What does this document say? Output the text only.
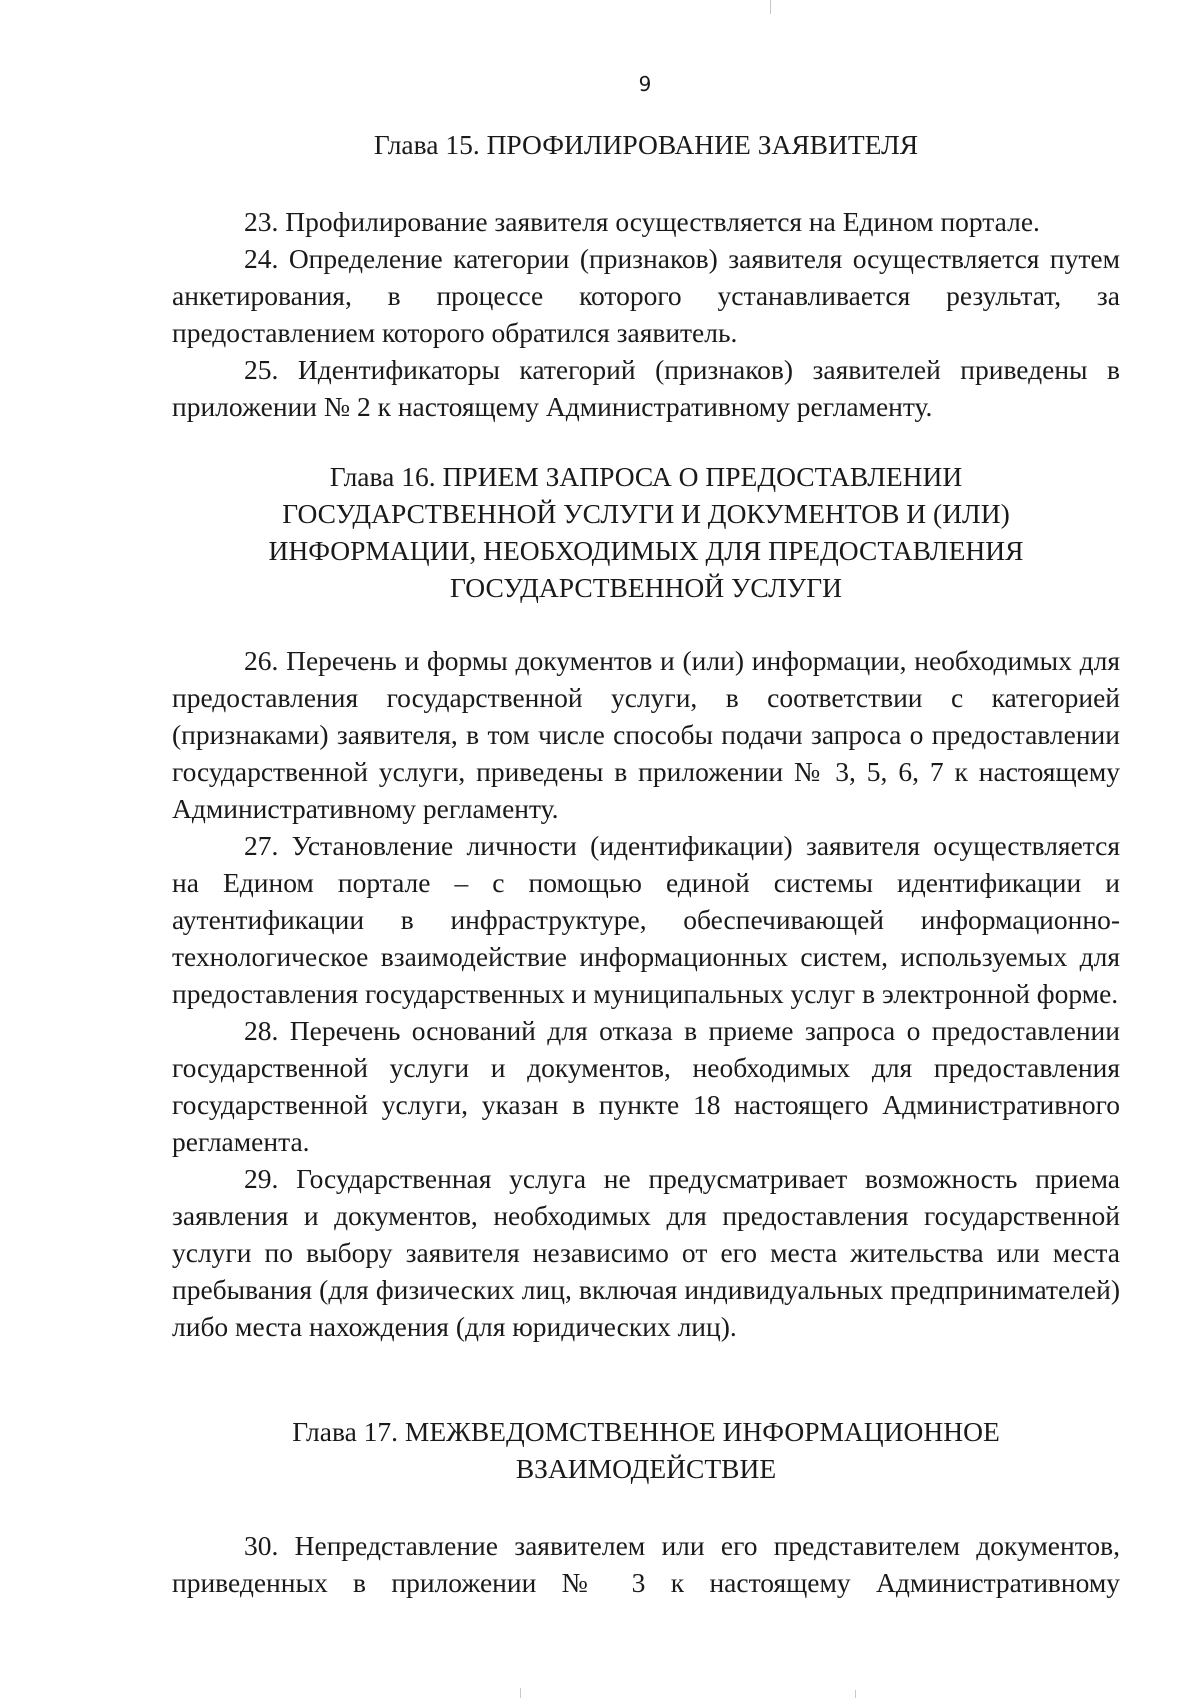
9
Глава 15. ПРОФИЛИРОВАНИЕ ЗАЯВИТЕЛЯ

23. Профилирование заявителя осуществляется на Едином портале.

24. Определение категории (признаков) заявителя осуществляется путем анкетирования, в процессе которого устанавливается результат, за предоставлением которого обратился заявитель.

25. Идентификаторы категорий (признаков) заявителей приведены в приложении № 2 к настоящему Административному регламенту.

Глава 16. ПРИЕМ ЗАПРОСА О ПРЕДОСТАВЛЕНИИ
ГОСУДАРСТВЕННОЙ УСЛУГИ И ДОКУМЕНТОВ И (ИЛИ)
ИНФОРМАЦИИ, НЕОБХОДИМЫХ ДЛЯ ПРЕДОСТАВЛЕНИЯ
ГОСУДАРСТВЕННОЙ УСЛУГИ

26. Перечень и формы документов и (или) информации, необходимых для предоставления государственной услуги, в соответствии с категорией (признаками) заявителя, в том числе способы подачи запроса о предоставлении государственной услуги, приведены в приложении № 3, 5, 6, 7 к настоящему Административному регламенту.

27. Установление личности (идентификации) заявителя осуществляется на Едином портале – с помощью единой системы идентификации и аутентификации в инфраструктуре, обеспечивающей информационно-технологическое взаимодействие информационных систем, используемых для предоставления государственных и муниципальных услуг в электронной форме.

28. Перечень оснований для отказа в приеме запроса о предоставлении государственной услуги и документов, необходимых для предоставления государственной услуги, указан в пункте 18 настоящего Административного регламента.

29. Государственная услуга не предусматривает возможность приема заявления и документов, необходимых для предоставления государственной услуги по выбору заявителя независимо от его места жительства или места пребывания (для физических лиц, включая индивидуальных предпринимателей) либо места нахождения (для юридических лиц).

Глава 17. МЕЖВЕДОМСТВЕННОЕ ИНФОРМАЦИОННОЕ
ВЗАИМОДЕЙСТВИЕ

30. Непредставление заявителем или его представителем документов, приведенных в приложении № 3 к настоящему Административному
